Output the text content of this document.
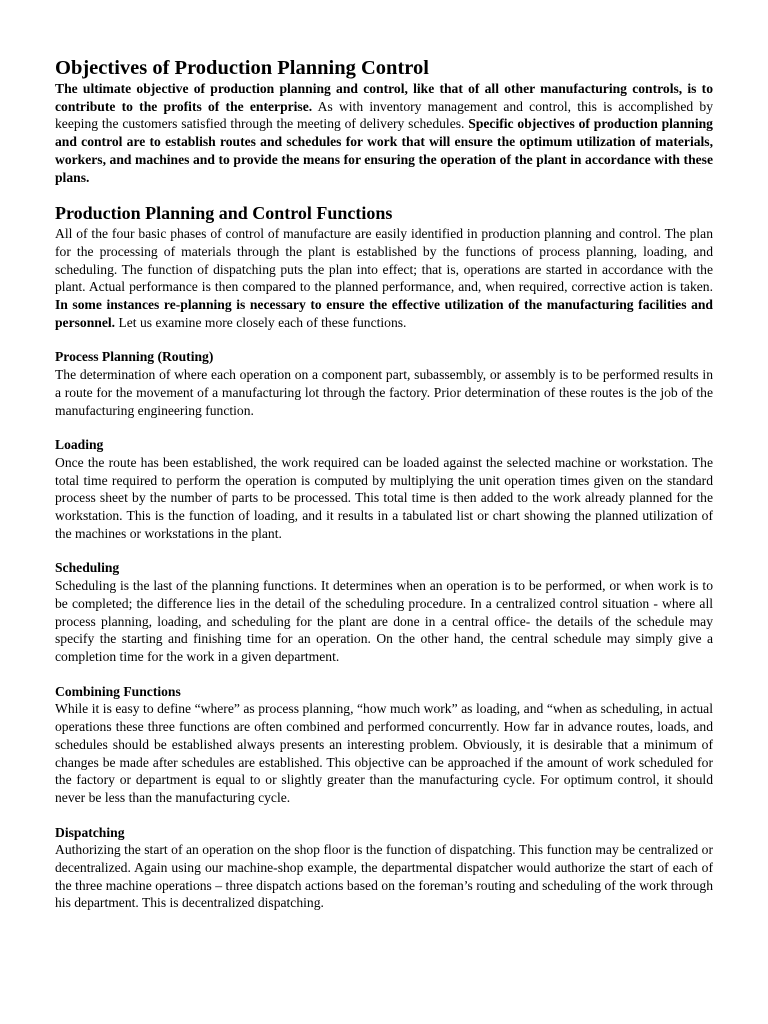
Objectives of Production Planning Control

The ultimate objective of production planning and control, like that of all other manufacturing controls, is to contribute to the profits of the enterprise. As with inventory management and control, this is accomplished by keeping the customers satisfied through the meeting of delivery schedules. Specific objectives of production planning and control are to establish routes and schedules for work that will ensure the optimum utilization of materials, workers, and machines and to provide the means for ensuring the operation of the plant in accordance with these plans.

Production Planning and Control Functions

All of the four basic phases of control of manufacture are easily identified in production planning and control. The plan for the processing of materials through the plant is established by the functions of process planning, loading, and scheduling. The function of dispatching puts the plan into effect; that is, operations are started in accordance with the plant. Actual performance is then compared to the planned performance, and, when required, corrective action is taken. In some instances re-planning is necessary to ensure the effective utilization of the manufacturing facilities and personnel. Let us examine more closely each of these functions.

Process Planning (Routing)

The determination of where each operation on a component part, subassembly, or assembly is to be performed results in a route for the movement of a manufacturing lot through the factory. Prior determination of these routes is the job of the manufacturing engineering function.

Loading

Once the route has been established, the work required can be loaded against the selected machine or workstation. The total time required to perform the operation is computed by multiplying the unit operation times given on the standard process sheet by the number of parts to be processed. This total time is then added to the work already planned for the workstation. This is the function of loading, and it results in a tabulated list or chart showing the planned utilization of the machines or workstations in the plant.

Scheduling

Scheduling is the last of the planning functions. It determines when an operation is to be performed, or when work is to be completed; the difference lies in the detail of the scheduling procedure. In a centralized control situation - where all process planning, loading, and scheduling for the plant are done in a central office- the details of the schedule may specify the starting and finishing time for an operation. On the other hand, the central schedule may simply give a completion time for the work in a given department.

Combining Functions

While it is easy to define “where” as process planning, “how much work” as loading, and “when as scheduling, in actual operations these three functions are often combined and performed concurrently. How far in advance routes, loads, and schedules should be established always presents an interesting problem. Obviously, it is desirable that a minimum of changes be made after schedules are established. This objective can be approached if the amount of work scheduled for the factory or department is equal to or slightly greater than the manufacturing cycle. For optimum control, it should never be less than the manufacturing cycle.

Dispatching

Authorizing the start of an operation on the shop floor is the function of dispatching. This function may be centralized or decentralized. Again using our machine-shop example, the departmental dispatcher would authorize the start of each of the three machine operations – three dispatch actions based on the foreman’s routing and scheduling of the work through his department. This is decentralized dispatching.
